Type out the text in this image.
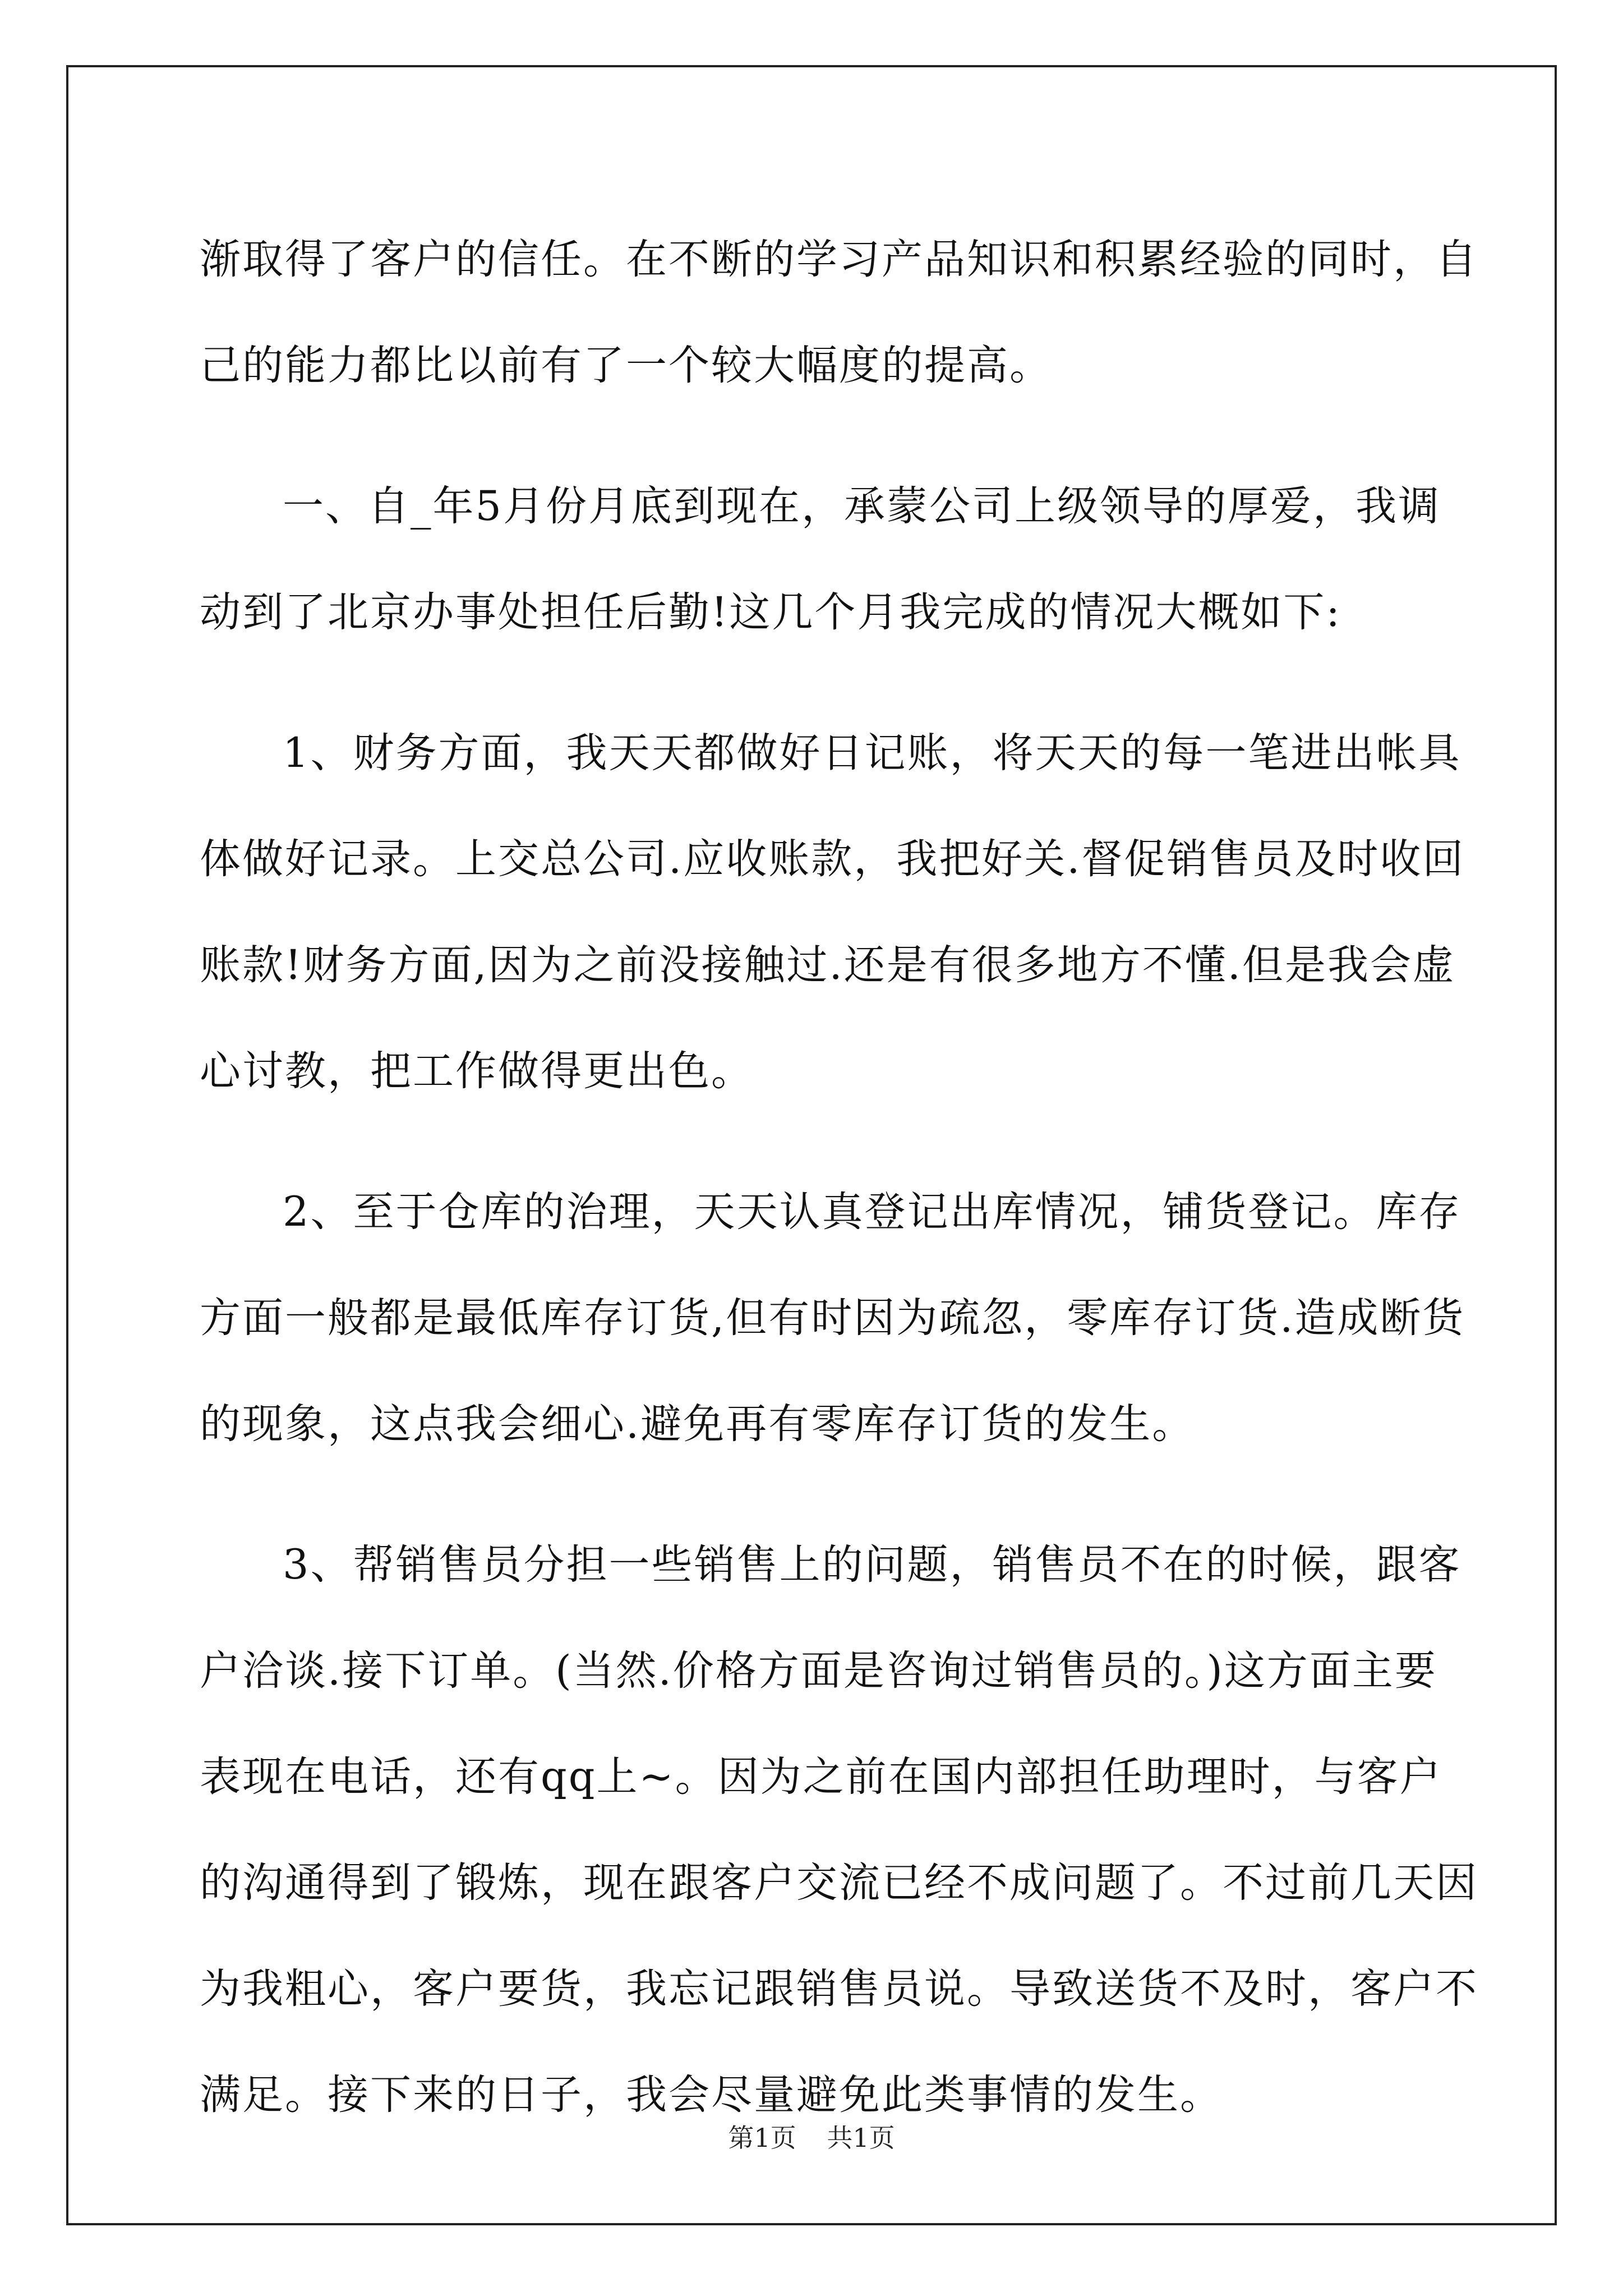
渐取得了客户的信任。在不断的学习产品知识和积累经验的同时，自己的能力都比以前有了一个较大幅度的提高。

一、自_年5月份月底到现在，承蒙公司上级领导的厚爱，我调动到了北京办事处担任后勤!这几个月我完成的情况大概如下:

1、财务方面，我天天都做好日记账，将天天的每一笔进出帐具体做好记录。上交总公司.应收账款，我把好关.督促销售员及时收回账款!财务方面,因为之前没接触过.还是有很多地方不懂.但是我会虚心讨教，把工作做得更出色。

2、至于仓库的治理，天天认真登记出库情况，铺货登记。库存方面一般都是最低库存订货,但有时因为疏忽，零库存订货.造成断货的现象，这点我会细心.避免再有零库存订货的发生。

3、帮销售员分担一些销售上的问题，销售员不在的时候，跟客户洽谈.接下订单。(当然.价格方面是咨询过销售员的。)这方面主要表现在电话，还有qq上~。因为之前在国内部担任助理时，与客户的沟通得到了锻炼，现在跟客户交流已经不成问题了。不过前几天因为我粗心，客户要货，我忘记跟销售员说。导致送货不及时，客户不满足。接下来的日子，我会尽量避免此类事情的发生。

第1页 共1页
